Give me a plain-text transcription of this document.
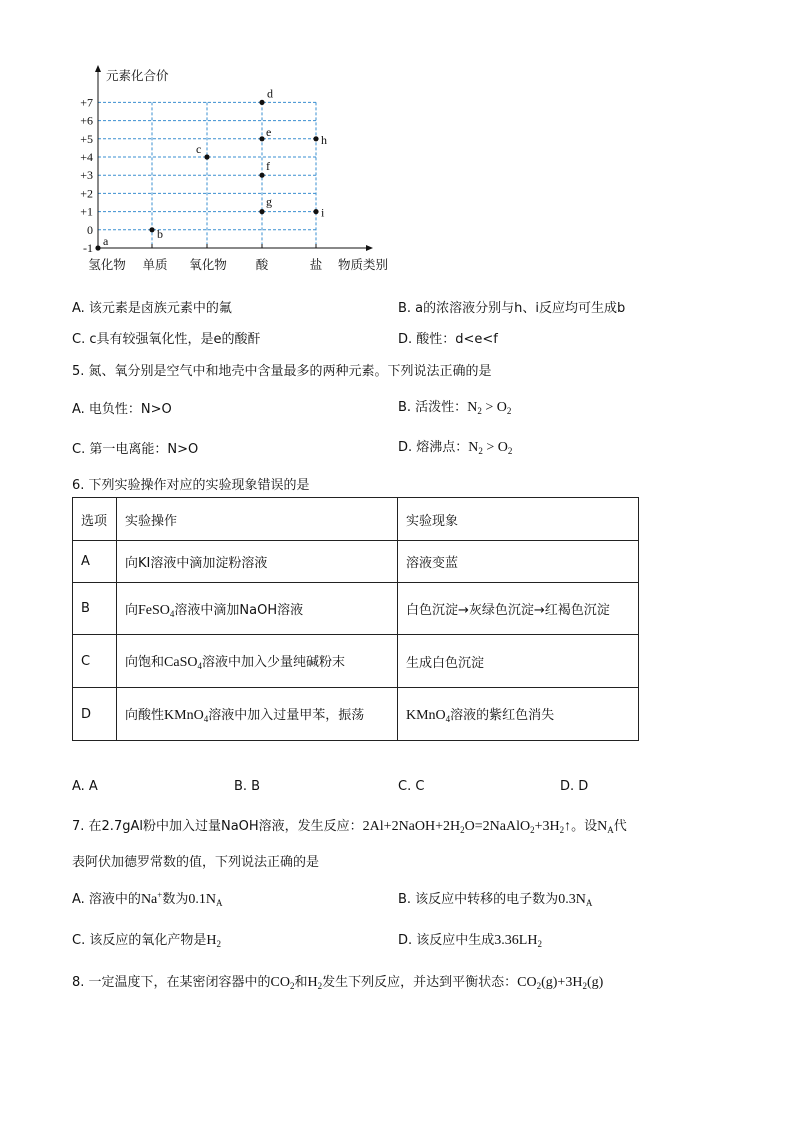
元素化合价
物质类别
+7
+6
+5
+4
+3
+2
+1
0
-1
氢化物 单质 氧化物 酸	盐
a
b
c
d
e
f
g
h
i
A. 该元素是卤族元素中的氟	B. a的浓溶液分别与h、i反应均可生成b
C. c具有较强氧化性，是e的酸酐	D. 酸性：d<e<f
5. 氮、氧分别是空气中和地壳中含量最多的两种元素。下列说法正确的是
A. 电负性：N>O	B. 活泼性：$N_2 > O_2$
C. 第一电离能：N>O	D. 熔沸点：$N_2 > O_2$
6. 下列实验操作对应的实验现象错误的是
选项	实验操作	实验现象
A	向KI溶液中滴加淀粉溶液	溶液变蓝
B	向FeSO$_4$溶液中滴加NaOH溶液	白色沉淀→灰绿色沉淀→红褐色沉淀
C	向饱和CaSO$_4$溶液中加入少量纯碱粉末	生成白色沉淀
D	向酸性KMnO$_4$溶液中加入过量甲苯，振荡	KMnO$_4$溶液的紫红色消失
A. A	B. B	C. C	D. D
7. 在2.7gAl粉中加入过量NaOH溶液，发生反应：$2Al+2NaOH+2H_2O=2NaAlO_2+3H_2↑$。设$N_A$代
表阿伏加德罗常数的值，下列说法正确的是
A. 溶液中的Na+数为$0.1N_A$	B. 该反应中转移的电子数为$0.3N_A$
C. 该反应的氧化产物是$H_2$	D. 该反应中生成$3.36LH_2$
8. 一定温度下，在某密闭容器中的$CO_2$和$H_2$发生下列反应，并达到平衡状态：$CO_2(g)+3H_2(g)$
